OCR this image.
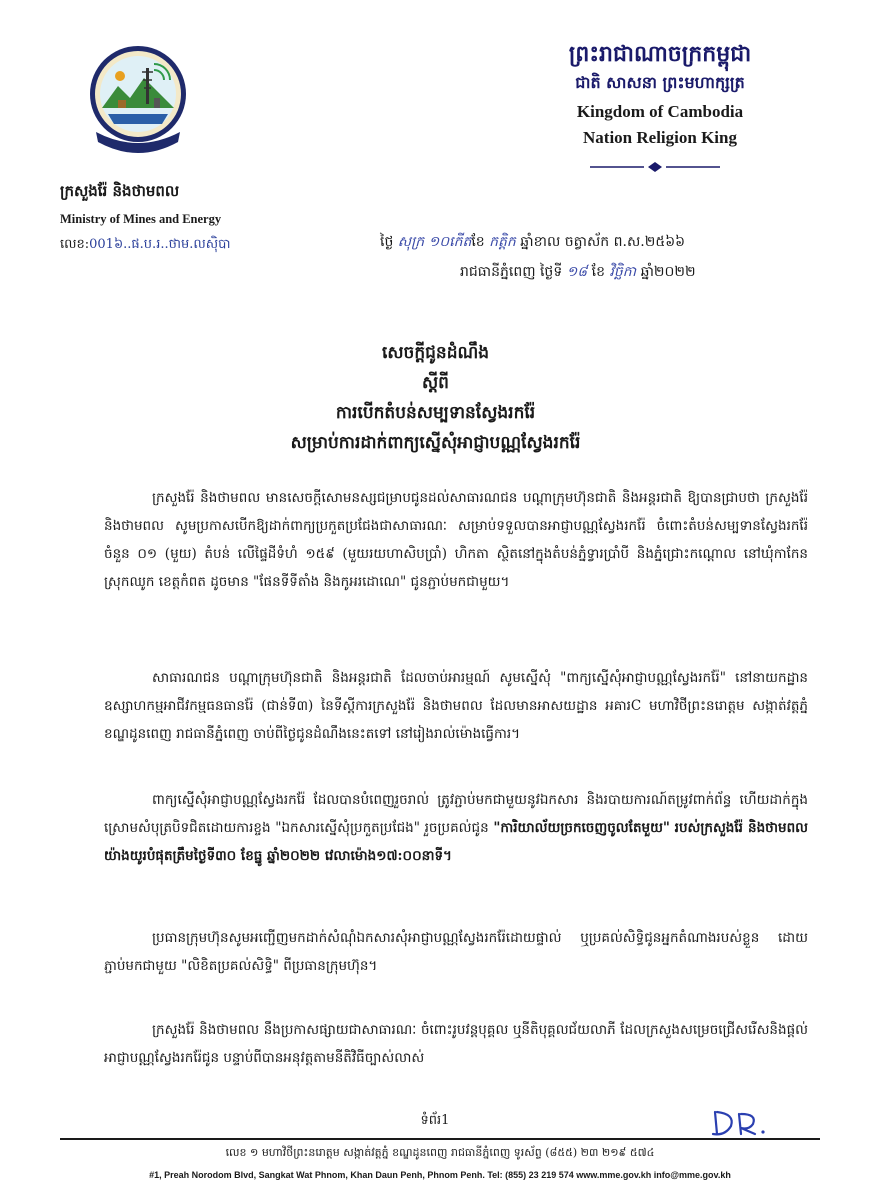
ក្រសួងរ៉ែ និងថាមពល
Ministry of Mines and Energy
លេខ:001៦..ផ.ប.រ..ថាម.លស៊ិបា
ព្រះរាជាណាចក្រកម្ពុជា
ជាតិ សាសនា ព្រះមហាក្សត្រ
Kingdom of Cambodia
Nation Religion King
ថ្ងៃ សុក្រ ១០កើតខែ កត្តិក ឆ្នាំខាល ចត្វាស័ក ព.ស.២៥៦៦
រាជធានីភ្នំពេញ ថ្ងៃទី ១៨ ខែ វិច្ឆិកា ឆ្នាំ២០២២
សេចក្តីជូនដំណឹង
ស្តីពី
ការបើកតំបន់សម្បទានស្វែងរករ៉ែ
សម្រាប់ការដាក់ពាក្យស្នើសុំអាជ្ញាបណ្ណស្វែងរករ៉ែ
ក្រសួងរ៉ែ និងថាមពល មានសេចក្តីសោមនស្សជម្រាបជូនដល់សាធារណជន បណ្តាក្រុមហ៊ុនជាតិ និងអន្តរជាតិ ឱ្យបានជ្រាបថា ក្រសួងរ៉ែ និងថាមពល សូមប្រកាសបើកឱ្យដាក់ពាក្យប្រកួតប្រជែងជាសាធារណៈ សម្រាប់ទទួលបានអាជ្ញាបណ្ណស្វែងរករ៉ែ ចំពោះតំបន់សម្បទានស្វែងរករ៉ែចំនួន ០១ (មួយ) តំបន់ លើផ្ទៃដីទំហំ ១៥៩ (មួយរយហាសិបប្រាំ) ហិកតា ស្ថិតនៅក្នុងតំបន់ភ្នំទ្វារប្រាំបី និងភ្នំជ្រោះកណ្តោល នៅឃុំកាកែន ស្រុកឈូក ខេត្តកំពត ដូចមាន "ផែនទីទីតាំង និងកូអរដោណេ" ជូនភ្ជាប់មកជាមួយ។
សាធារណជន បណ្តាក្រុមហ៊ុនជាតិ និងអន្តរជាតិ ដែលចាប់អារម្មណ៍ សូមស្នើសុំ "ពាក្យស្នើសុំអាជ្ញាបណ្ណស្វែងរករ៉ែ" នៅនាយកដ្ឋានឧស្សាហកម្មអាជីវកម្មធនធានរ៉ែ (ជាន់ទី៣) នៃទីស្តីការក្រសួងរ៉ែ និងថាមពល ដែលមានអាសយដ្ឋាន អគារC មហាវិថីព្រះនរោត្តម សង្កាត់វត្តភ្នំ ខណ្ឌដូនពេញ រាជធានីភ្នំពេញ ចាប់ពីថ្ងៃជូនដំណឹងនេះតទៅ នៅរៀងរាល់ម៉ោងធ្វើការ។
ពាក្យស្នើសុំអាជ្ញាបណ្ណស្វែងរករ៉ែ ដែលបានបំពេញរួចរាល់ ត្រូវភ្ជាប់មកជាមួយនូវឯកសារ និងរបាយការណ៍តម្រូវពាក់ព័ន្ធ ហើយដាក់ក្នុងស្រោមសំបុត្របិទជិតដោយការខ្ចង "ឯកសារស្នើសុំប្រកួតប្រជែង" រួចប្រគល់ជូន "ការិយាល័យច្រកចេញចូលតែមួយ" របស់ក្រសួងរ៉ែ និងថាមពល យ៉ាងយូរបំផុតត្រឹមថ្ងៃទី៣០ ខែធ្នូ ឆ្នាំ២០២២ វេលាម៉ោង១៧:០០នាទី។
ប្រធានក្រុមហ៊ុនសូមអញ្ជើញមកដាក់សំណុំឯកសារសុំអាជ្ញាបណ្ណស្វែងរករ៉ែដោយផ្ទាល់ ឬប្រគល់សិទ្ធិជូនអ្នកតំណាងរបស់ខ្លួន ដោយភ្ជាប់មកជាមួយ "លិខិតប្រគល់សិទ្ធិ" ពីប្រធានក្រុមហ៊ុន។
ក្រសួងរ៉ែ និងថាមពល នឹងប្រកាសផ្សាយជាសាធារណៈ ចំពោះរូបវន្តបុគ្គល ឬនីតិបុគ្គលជ័យលាភី ដែលក្រសួងសម្រេចជ្រើសរើសនិងផ្តល់អាជ្ញាបណ្ណស្វែងរករ៉ែជូន បន្ទាប់ពីបានអនុវត្តតាមនីតិវិធីច្បាស់លាស់
ទំព័រ1
លេខ ១ មហាវិថីព្រះនរោត្តម សង្កាត់វត្តភ្នំ ខណ្ឌដូនពេញ រាជធានីភ្នំពេញ ទូរស័ព្ទ (៨៥៥) ២៣ ២១៩ ៥៧៤
#1, Preah Norodom Blvd, Sangkat Wat Phnom, Khan Daun Penh, Phnom Penh. Tel: (855) 23 219 574 www.mme.gov.kh info@mme.gov.kh
